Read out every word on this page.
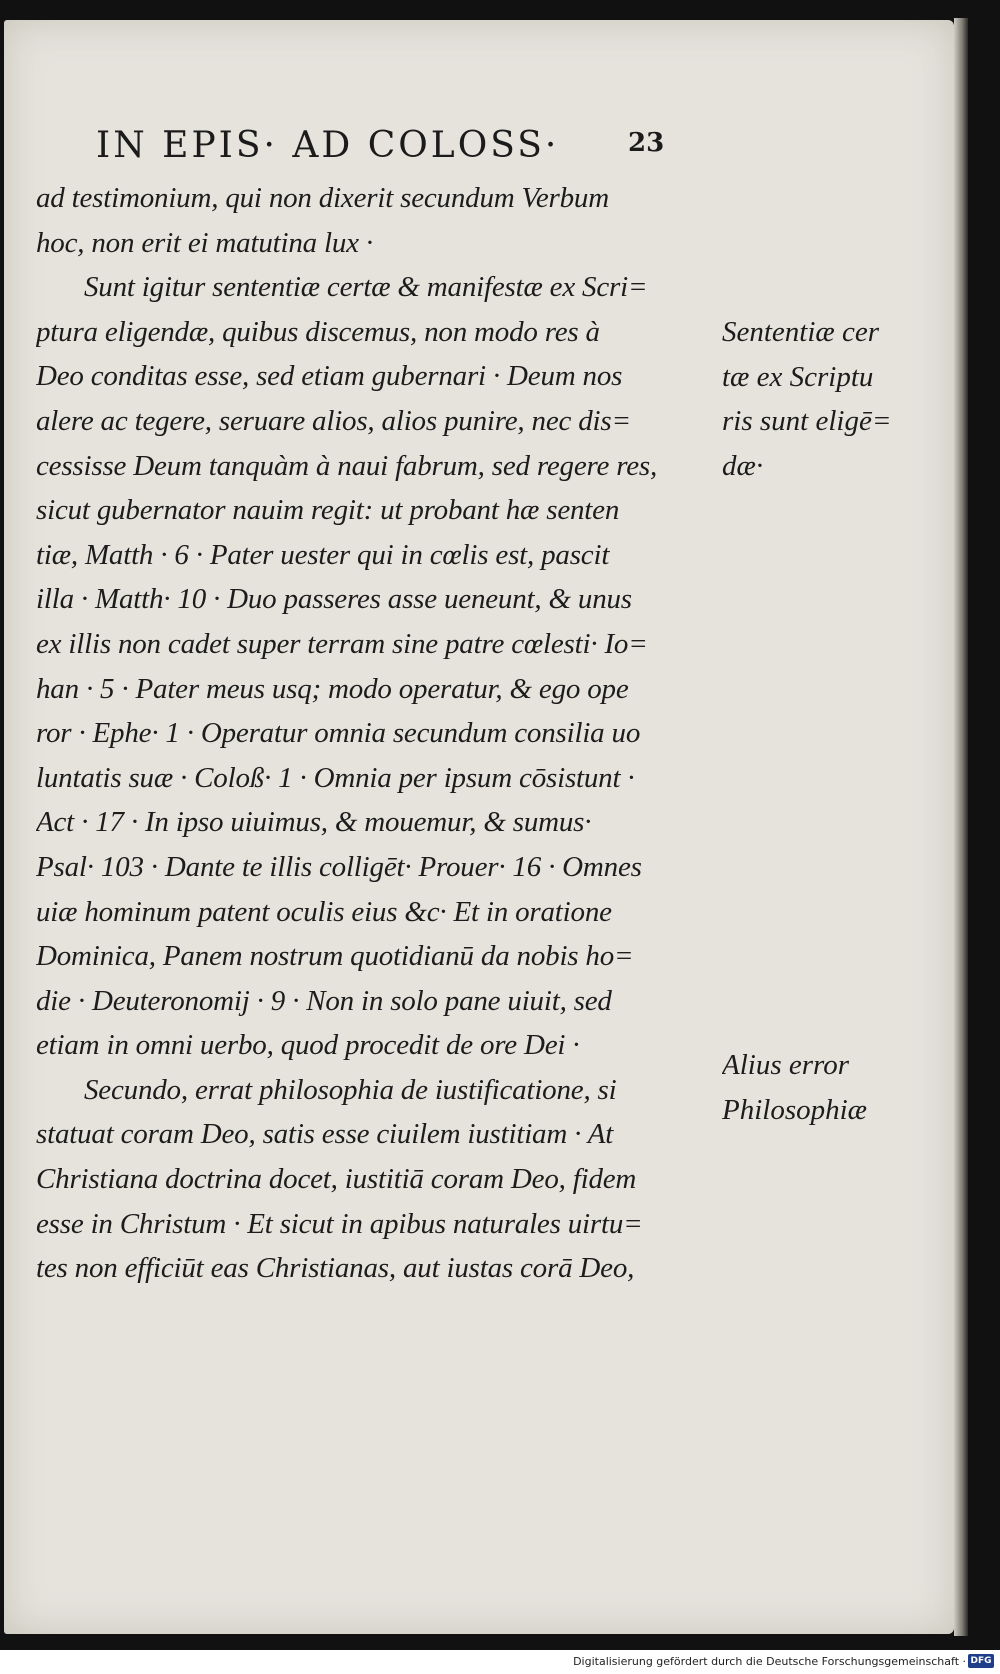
IN EPIS· AD COLOSS·	23
ad testimonium, qui non dixerit secundum Verbum
hoc, non erit ei matutina lux ·
Sunt igitur sententiæ certæ & manifestæ ex Scri=
ptura eligendæ, quibus discemus, non modo res à
Deo conditas esse, sed etiam gubernari · Deum nos
alere ac tegere, seruare alios, alios punire, nec dis=
cessisse Deum tanquàm à naui fabrum, sed regere res,
sicut gubernator nauim regit: ut probant hæ senten
tiæ, Matth · 6 · Pater uester qui in cœlis est, pascit
illa · Matth· 10 · Duo passeres asse ueneunt, & unus
ex illis non cadet super terram sine patre cœlesti· Io=
han · 5 · Pater meus usq; modo operatur, & ego ope
ror · Ephe· 1 · Operatur omnia secundum consilia uo
luntatis suæ · Coloß· 1 · Omnia per ipsum cōsistunt ·
Act · 17 · In ipso uiuimus, & mouemur, & sumus·
Psal· 103 · Dante te illis colligēt· Prouer· 16 · Omnes
uiæ hominum patent oculis eius &c· Et in oratione
Dominica, Panem nostrum quotidianū da nobis ho=
die · Deuteronomij · 9 · Non in solo pane uiuit, sed
etiam in omni uerbo, quod procedit de ore Dei ·
Secundo, errat philosophia de iustificatione, si
statuat coram Deo, satis esse ciuilem iustitiam · At
Christiana doctrina docet, iustitiā coram Deo, fidem
esse in Christum · Et sicut in apibus naturales uirtu=
tes non efficiūt eas Christianas, aut iustas corā Deo,
Sententiæ cer
tæ ex Scriptu
ris sunt eligē=
dæ·
Alius error
Philosophiæ
Digitalisierung gefördert durch die Deutsche Forschungsgemeinschaft · DFG
